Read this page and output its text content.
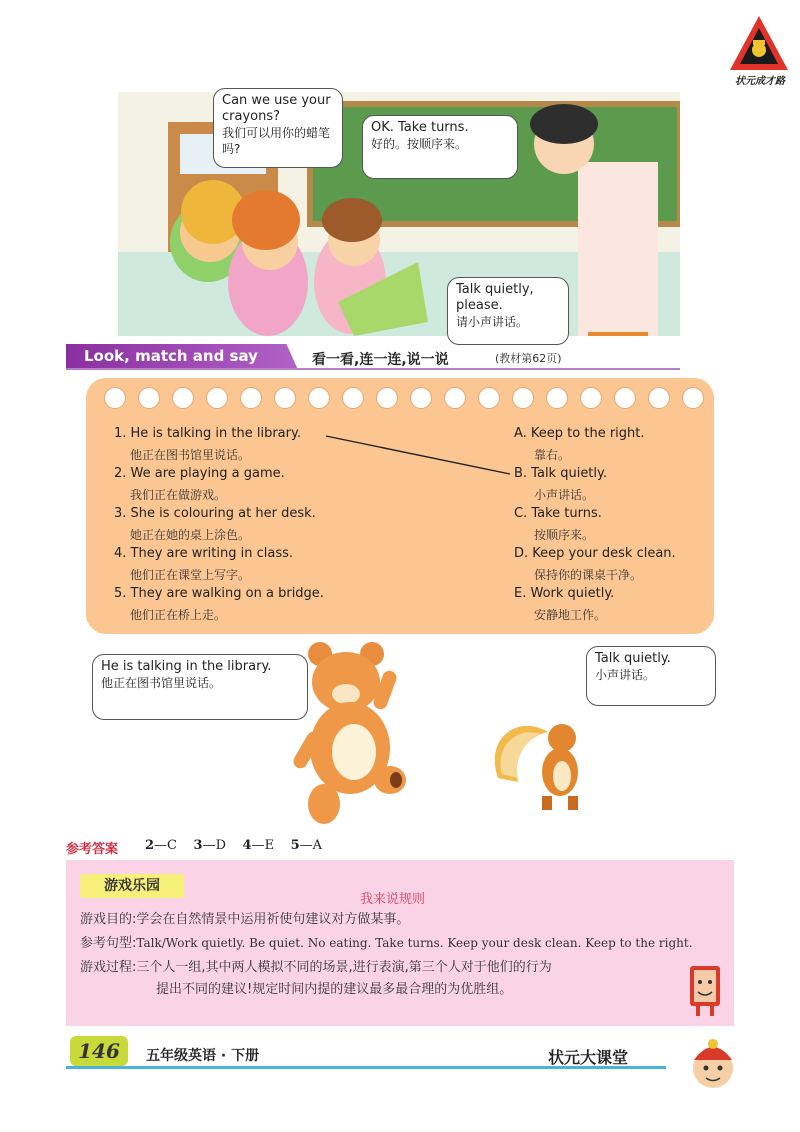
状元成才路
Can we use your crayons?
我们可以用你的蜡笔吗?
OK. Take turns.
好的。按顺序来。
Talk quietly,
please.
请小声讲话。
Look, match and say	看一看,连一连,说一说	(教材第62页)
1. He is talking in the library.
他正在图书馆里说话。
2. We are playing a game.
我们正在做游戏。
3. She is colouring at her desk.
她正在她的桌上涂色。
4. They are writing in class.
他们正在课堂上写字。
5. They are walking on a bridge.
他们正在桥上走。
A. Keep to the right.
靠右。
B. Talk quietly.
小声讲话。
C. Take turns.
按顺序来。
D. Keep your desk clean.
保持你的课桌干净。
E. Work quietly.
安静地工作。
He is talking in the library.
他正在图书馆里说话。
Talk quietly.
小声讲话。
参考答案 2—C 3—D 4—E 5—A
游戏乐园
我来说规则
游戏目的:学会在自然情景中运用祈使句建议对方做某事。
参考句型:Talk/Work quietly. Be quiet. No eating. Take turns. Keep your desk clean. Keep to the right.
游戏过程:三个人一组,其中两人模拟不同的场景,进行表演,第三个人对于他们的行为
提出不同的建议!规定时间内提的建议最多最合理的为优胜组。
146	五年级英语 · 下册	状元大课堂
